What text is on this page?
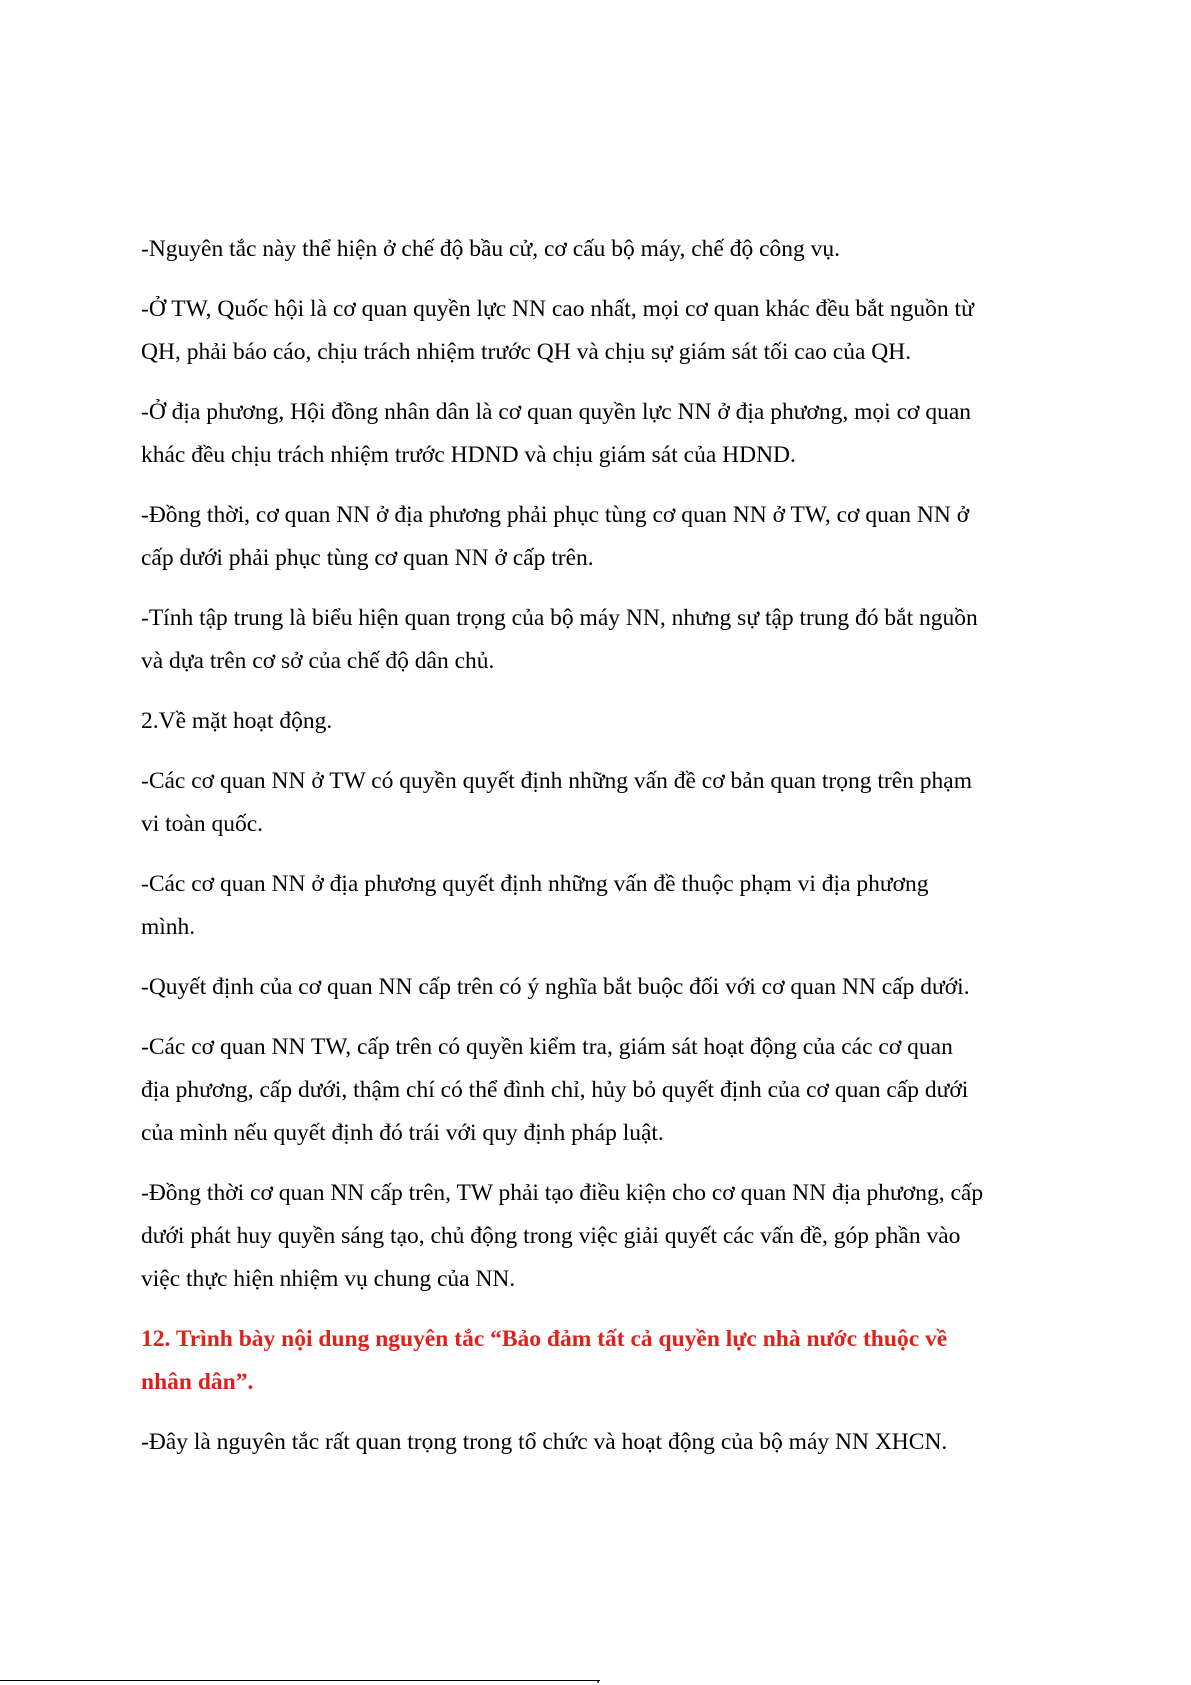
-Nguyên tắc này thể hiện ở chế độ bầu cử, cơ cấu bộ máy, chế độ công vụ.

-Ở TW, Quốc hội là cơ quan quyền lực NN cao nhất, mọi cơ quan khác đều bắt nguồn từ
QH, phải báo cáo, chịu trách nhiệm trước QH và chịu sự giám sát tối cao của QH.

-Ở địa phương, Hội đồng nhân dân là cơ quan quyền lực NN ở địa phương, mọi cơ quan
khác đều chịu trách nhiệm trước HDND và chịu giám sát của HDND.

-Đồng thời, cơ quan NN ở địa phương phải phục tùng cơ quan NN ở TW, cơ quan NN ở
cấp dưới phải phục tùng cơ quan NN ở cấp trên.

-Tính tập trung là biểu hiện quan trọng của bộ máy NN, nhưng sự tập trung đó bắt nguồn
và dựa trên cơ sở của chế độ dân chủ.

2.Về mặt hoạt động.

-Các cơ quan NN ở TW có quyền quyết định những vấn đề cơ bản quan trọng trên phạm
vi toàn quốc.

-Các cơ quan NN ở địa phương quyết định những vấn đề thuộc phạm vi địa phương
mình.

-Quyết định của cơ quan NN cấp trên có ý nghĩa bắt buộc đối với cơ quan NN cấp dưới.

-Các cơ quan NN TW, cấp trên có quyền kiểm tra, giám sát hoạt động của các cơ quan
địa phương, cấp dưới, thậm chí có thể đình chỉ, hủy bỏ quyết định của cơ quan cấp dưới
của mình nếu quyết định đó trái với quy định pháp luật.

-Đồng thời cơ quan NN cấp trên, TW phải tạo điều kiện cho cơ quan NN địa phương, cấp
dưới phát huy quyền sáng tạo, chủ động trong việc giải quyết các vấn đề, góp phần vào
việc thực hiện nhiệm vụ chung của NN.

12. Trình bày nội dung nguyên tắc “Bảo đảm tất cả quyền lực nhà nước thuộc về
nhân dân”.

-Đây là nguyên tắc rất quan trọng trong tổ chức và hoạt động của bộ máy NN XHCN.
